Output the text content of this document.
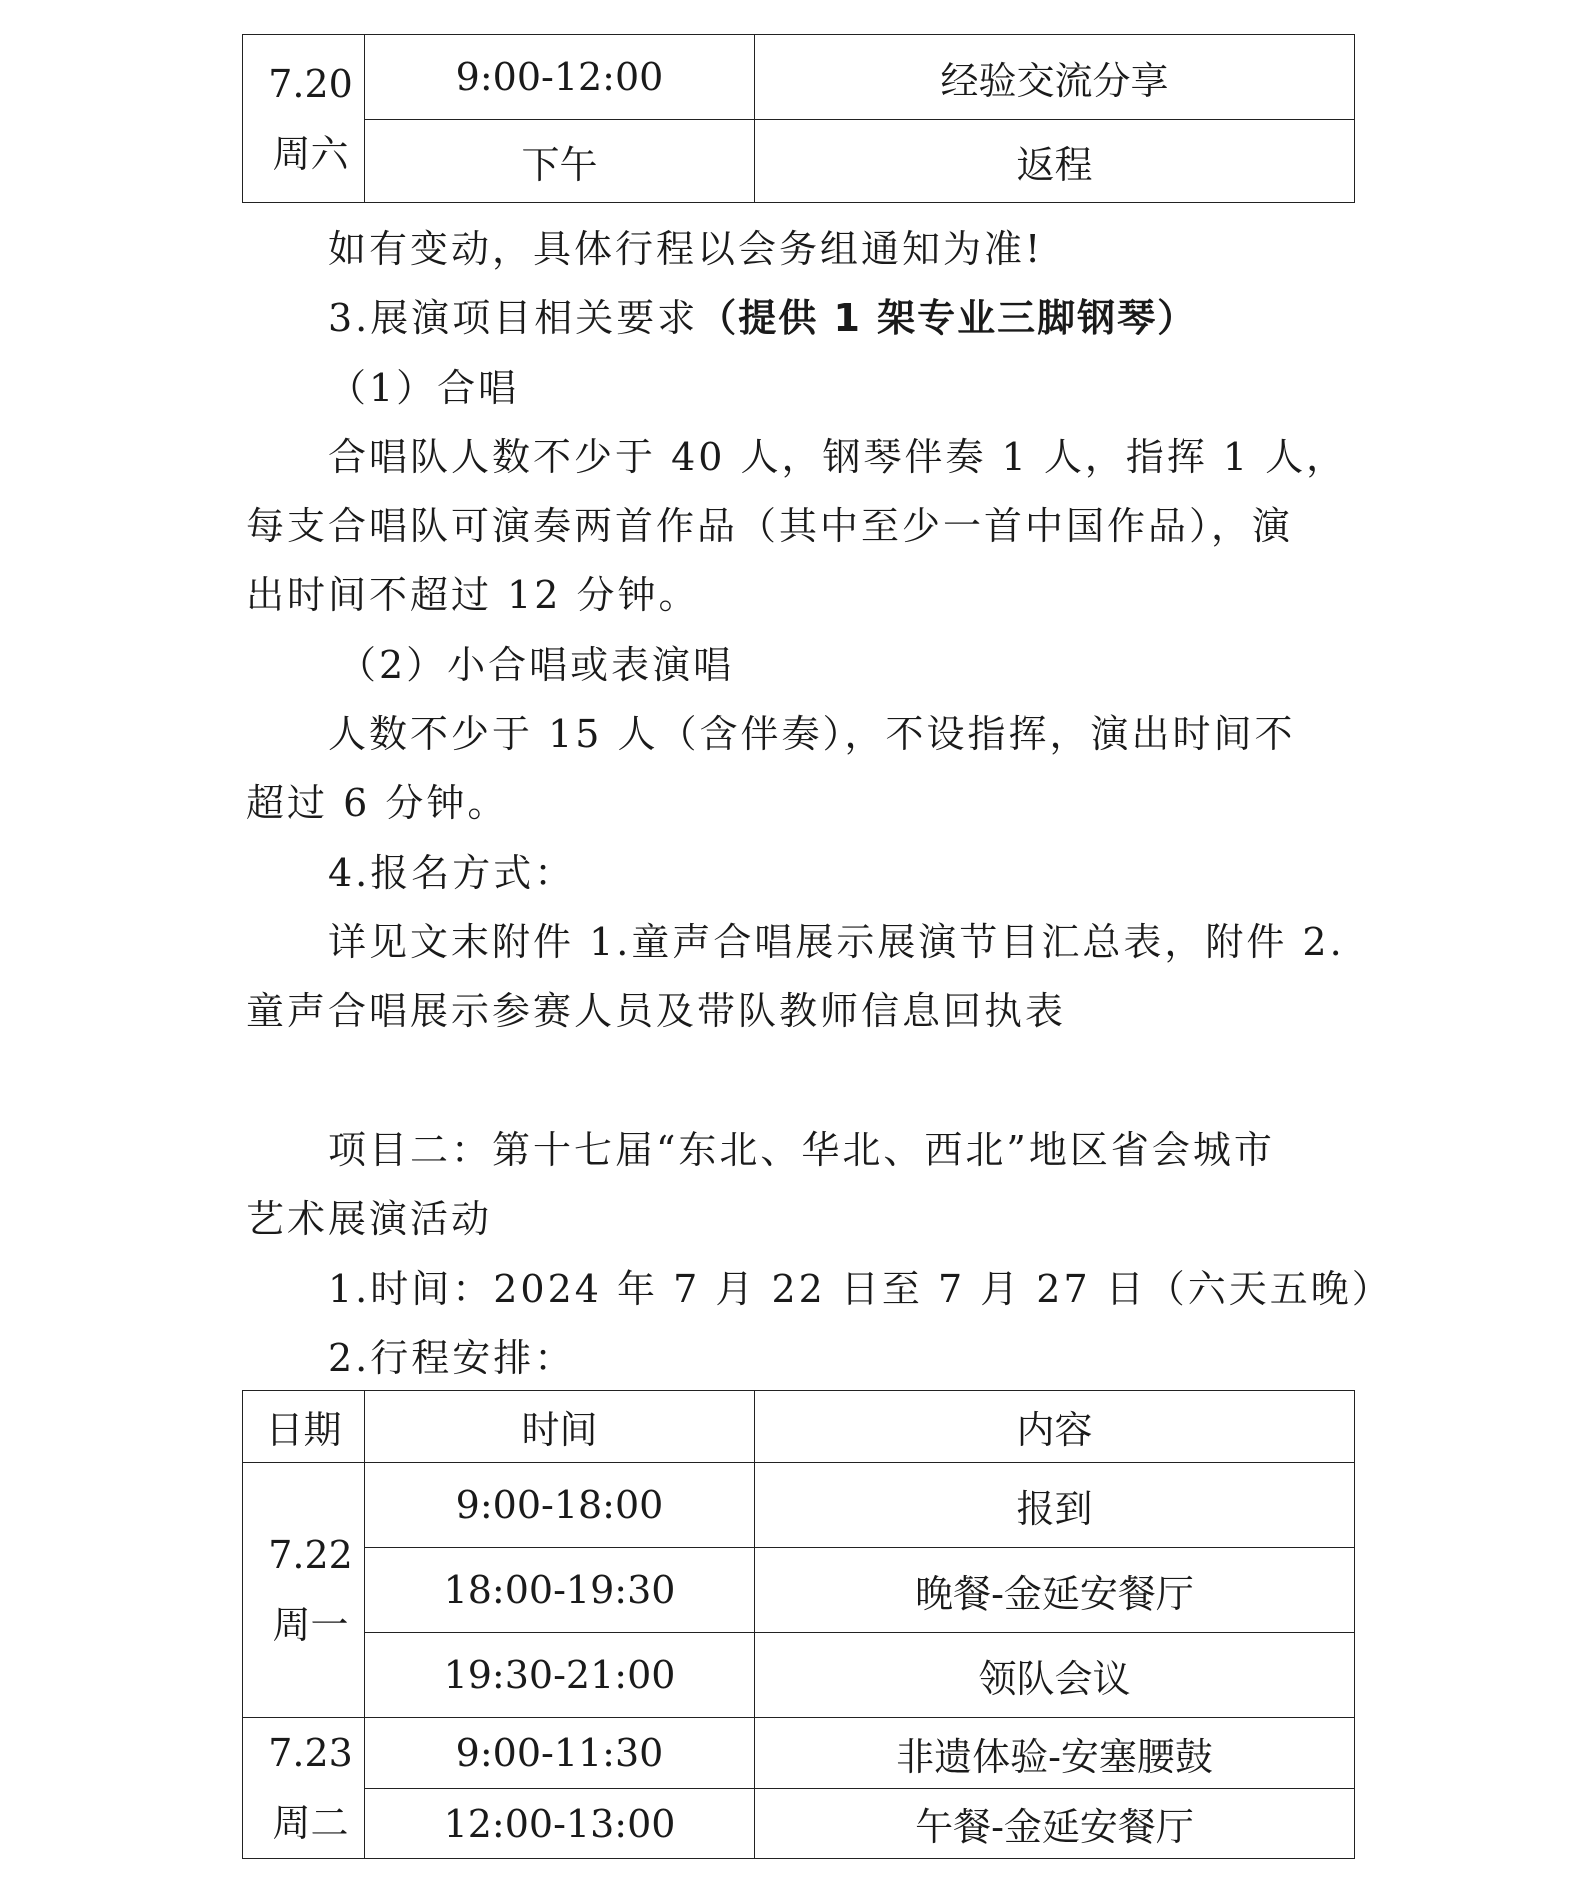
7.20
周六	9:00-12:00	经验交流分享
	下午	返程
如有变动，具体行程以会务组通知为准!
3.展演项目相关要求（提供 1 架专业三脚钢琴）
（1）合唱
合唱队人数不少于 40 人，钢琴伴奏 1 人，指挥 1 人，
每支合唱队可演奏两首作品（其中至少一首中国作品），演
出时间不超过 12 分钟。
（2）小合唱或表演唱
人数不少于 15 人（含伴奏），不设指挥，演出时间不
超过 6 分钟。
4.报名方式：
详见文末附件 1.童声合唱展示展演节目汇总表，附件 2.
童声合唱展示参赛人员及带队教师信息回执表
项目二：第十七届“东北、华北、西北”地区省会城市
艺术展演活动
1.时间：2024 年 7 月 22 日至 7 月 27 日（六天五晚）
2.行程安排：
日期	时间	内容

7.22
周一	9:00-18:00	报到
	18:00-19:30	晚餐-金延安餐厅
	19:30-21:00	领队会议

7.23
周二	9:00-11:30	非遗体验-安塞腰鼓
	12:00-13:00	午餐-金延安餐厅
